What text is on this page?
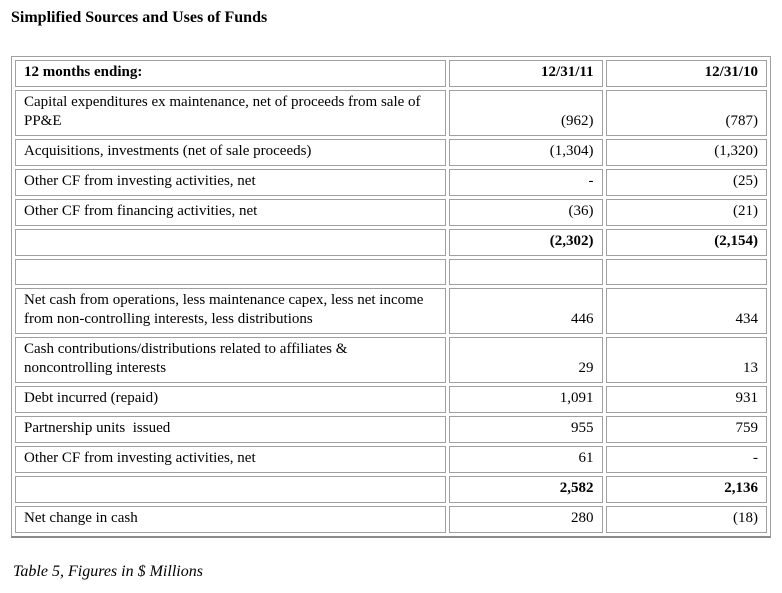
Simplified Sources and Uses of Funds
12 months ending:	12/31/11	12/31/10
Capital expenditures ex maintenance, net of proceeds from sale of PP&E	(962)	(787)
Acquisitions, investments (net of sale proceeds)	(1,304)	(1,320)
Other CF from investing activities, net	-	(25)
Other CF from financing activities, net	(36)	(21)
	(2,302)	(2,154)

Net cash from operations, less maintenance capex, less net income from non-controlling interests, less distributions	446	434
Cash contributions/distributions related to affiliates & noncontrolling interests	29	13
Debt incurred (repaid)	1,091	931
Partnership units  issued	955	759
Other CF from investing activities, net	61	-
	2,582	2,136
Net change in cash	280	(18)
Table 5, Figures in $ Millions
